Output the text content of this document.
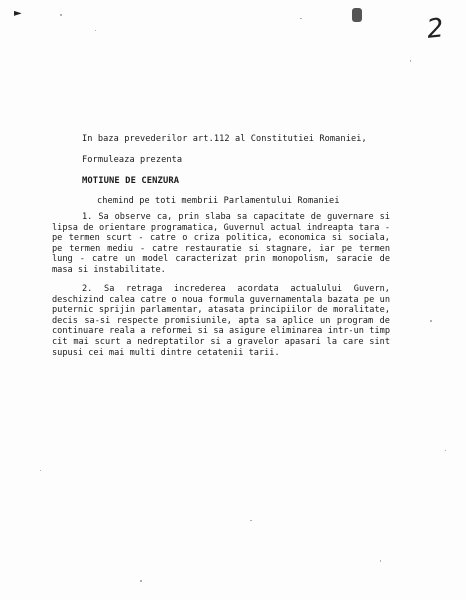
►	2
In baza prevederilor art.112 al Constitutiei Romaniei,
Formuleaza prezenta
MOTIUNE DE CENZURA
chemind pe toti membrii Parlamentului Romaniei

1. Sa observe ca, prin slaba sa capacitate de guvernare si lipsa de orientare programatica, Guvernul actual indreapta tara - pe termen scurt - catre o criza politica, economica si sociala, pe termen mediu - catre restauratie si stagnare, iar pe termen lung - catre un model caracterizat prin monopolism, saracie de masa si instabilitate.

2. Sa retraga increderea acordata actualului Guvern, deschizind calea catre o noua formula guvernamentala bazata pe un puternic sprijin parlamentar, atasata principiilor de moralitate, decis sa-si respecte promisiunile, apta sa aplice un program de continuare reala a reformei si sa asigure eliminarea intr-un timp cit mai scurt a nedreptatilor si a gravelor apasari la care sint supusi cei mai multi dintre cetatenii tarii.
